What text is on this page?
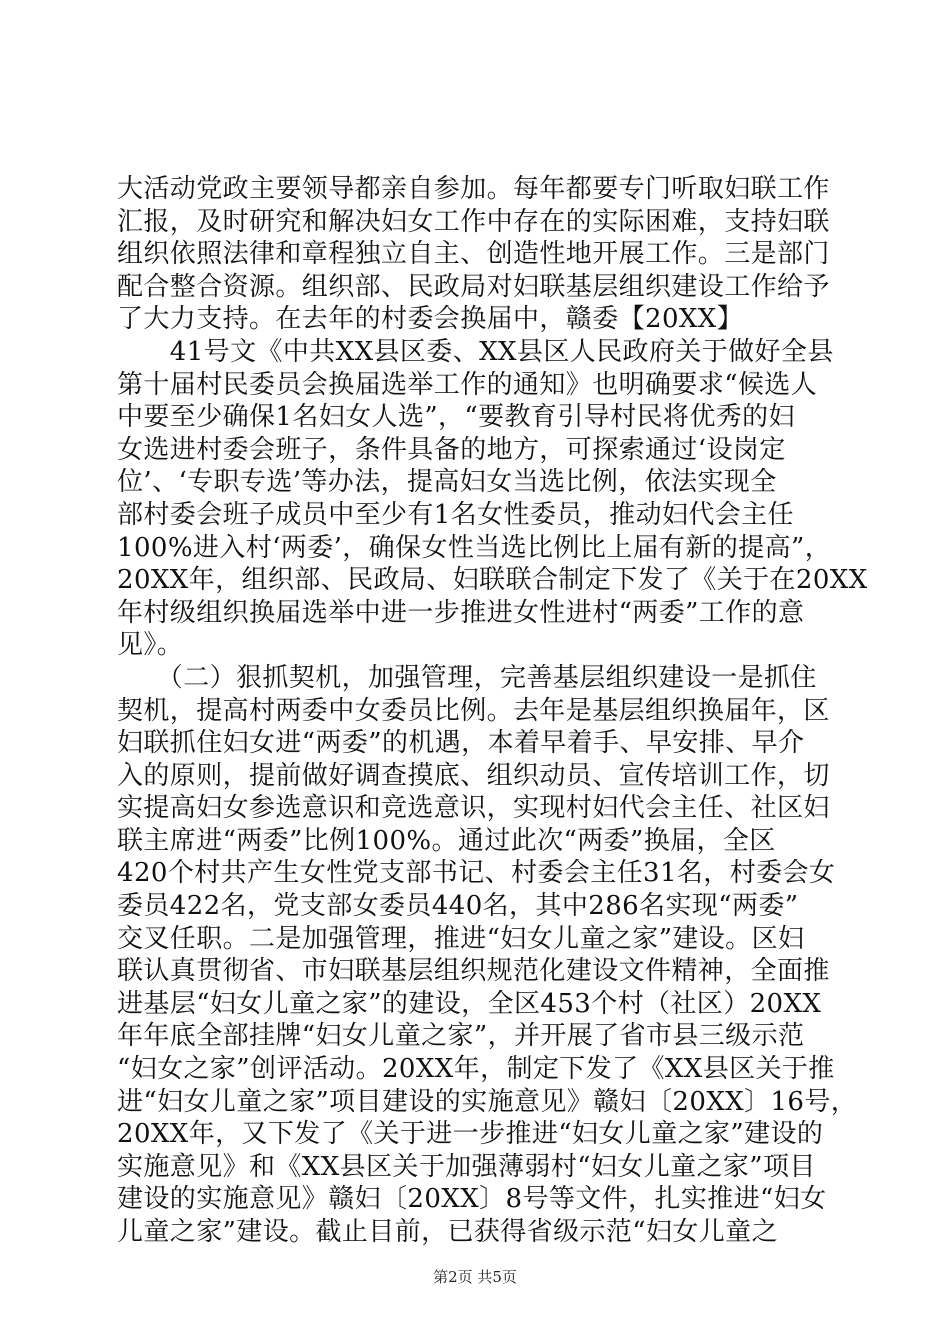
大活动党政主要领导都亲自参加。每年都要专门听取妇联工作
汇报，及时研究和解决妇女工作中存在的实际困难，支持妇联
组织依照法律和章程独立自主、创造性地开展工作。三是部门
配合整合资源。组织部、民政局对妇联基层组织建设工作给予
了大力支持。在去年的村委会换届中，赣委【20XX】
　　41号文《中共XX县区委、XX县区人民政府关于做好全县
第十届村民委员会换届选举工作的通知》也明确要求“候选人
中要至少确保1名妇女人选”，“要教育引导村民将优秀的妇
女选进村委会班子，条件具备的地方，可探索通过‘设岗定
位’、‘专职专选’等办法，提高妇女当选比例，依法实现全
部村委会班子成员中至少有1名女性委员，推动妇代会主任
100%进入村‘两委’，确保女性当选比例比上届有新的提高”，
20XX年，组织部、民政局、妇联联合制定下发了《关于在20XX
年村级组织换届选举中进一步推进女性进村“两委”工作的意
见》。
　　（二）狠抓契机，加强管理，完善基层组织建设一是抓住
契机，提高村两委中女委员比例。去年是基层组织换届年，区
妇联抓住妇女进“两委”的机遇，本着早着手、早安排、早介
入的原则，提前做好调查摸底、组织动员、宣传培训工作，切
实提高妇女参选意识和竞选意识，实现村妇代会主任、社区妇
联主席进“两委”比例100%。通过此次“两委”换届，全区
420个村共产生女性党支部书记、村委会主任31名，村委会女
委员422名，党支部女委员440名，其中286名实现“两委”
交叉任职。二是加强管理，推进“妇女儿童之家”建设。区妇
联认真贯彻省、市妇联基层组织规范化建设文件精神，全面推
进基层“妇女儿童之家”的建设，全区453个村（社区）20XX
年年底全部挂牌“妇女儿童之家”，并开展了省市县三级示范
“妇女之家”创评活动。20XX年，制定下发了《XX县区关于推
进“妇女儿童之家”项目建设的实施意见》赣妇〔20XX〕16号，
20XX年，又下发了《关于进一步推进“妇女儿童之家”建设的
实施意见》和《XX县区关于加强薄弱村“妇女儿童之家”项目
建设的实施意见》赣妇〔20XX〕8号等文件，扎实推进“妇女
儿童之家”建设。截止目前，已获得省级示范“妇女儿童之
第2页 共5页
